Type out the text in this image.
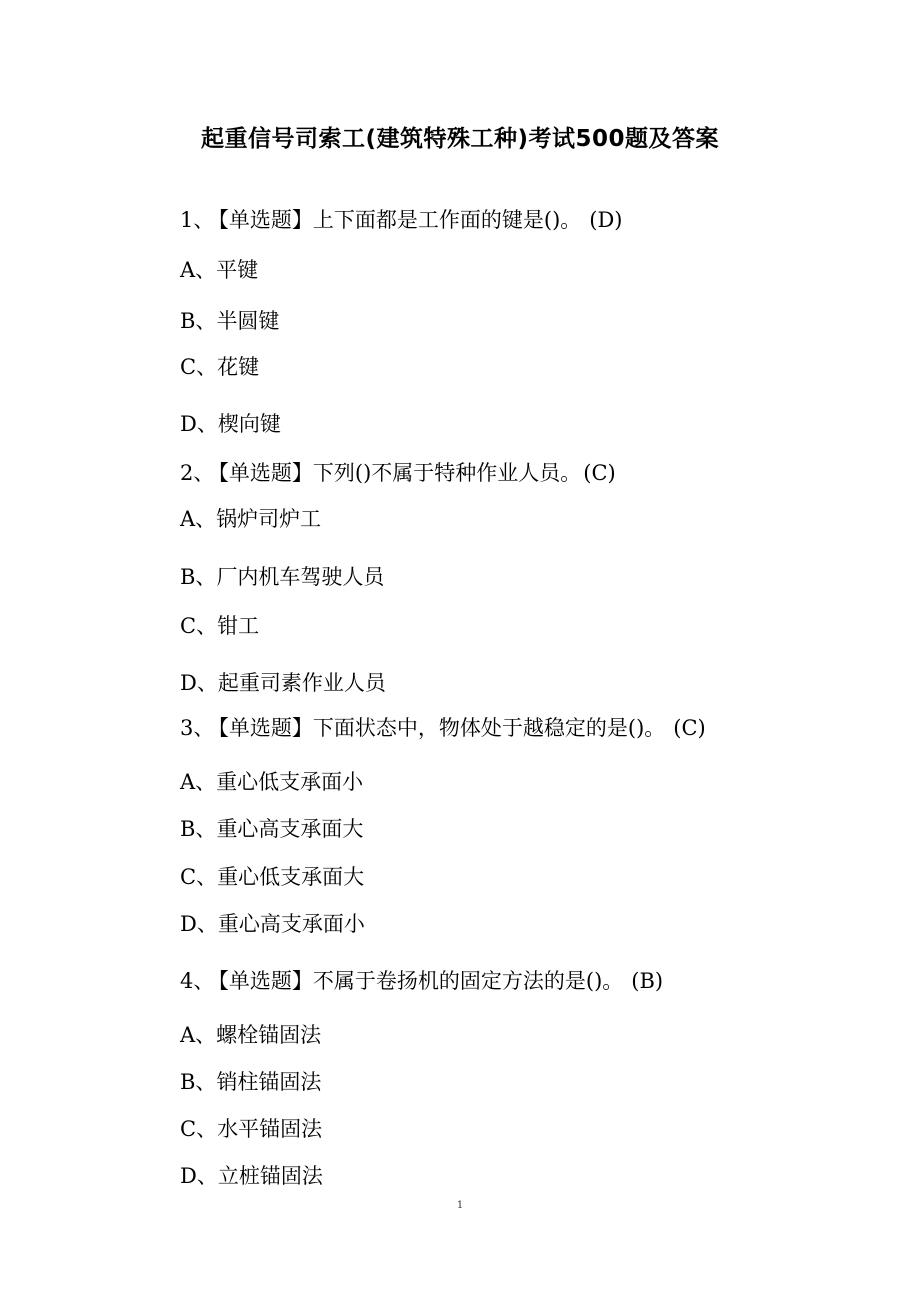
起重信号司索工(建筑特殊工种)考试500题及答案
1、 【单选题】上下面都是工作面的键是()。 (D)
A、平键
B、半圆键
C、花键
D、楔向键
2、 【单选题】下列()不属于特种作业人员。(C)
A、锅炉司炉工
B、厂内机车驾驶人员
C、钳工
D、起重司素作业人员
3、 【单选题】下面状态中，物体处于越稳定的是()。 (C)
A、重心低支承面小
B、重心高支承面大
C、重心低支承面大
D、重心高支承面小
4、 【单选题】不属于卷扬机的固定方法的是()。 (B)
A、螺栓锚固法
B、销柱锚固法
C、水平锚固法
D、立桩锚固法
1
